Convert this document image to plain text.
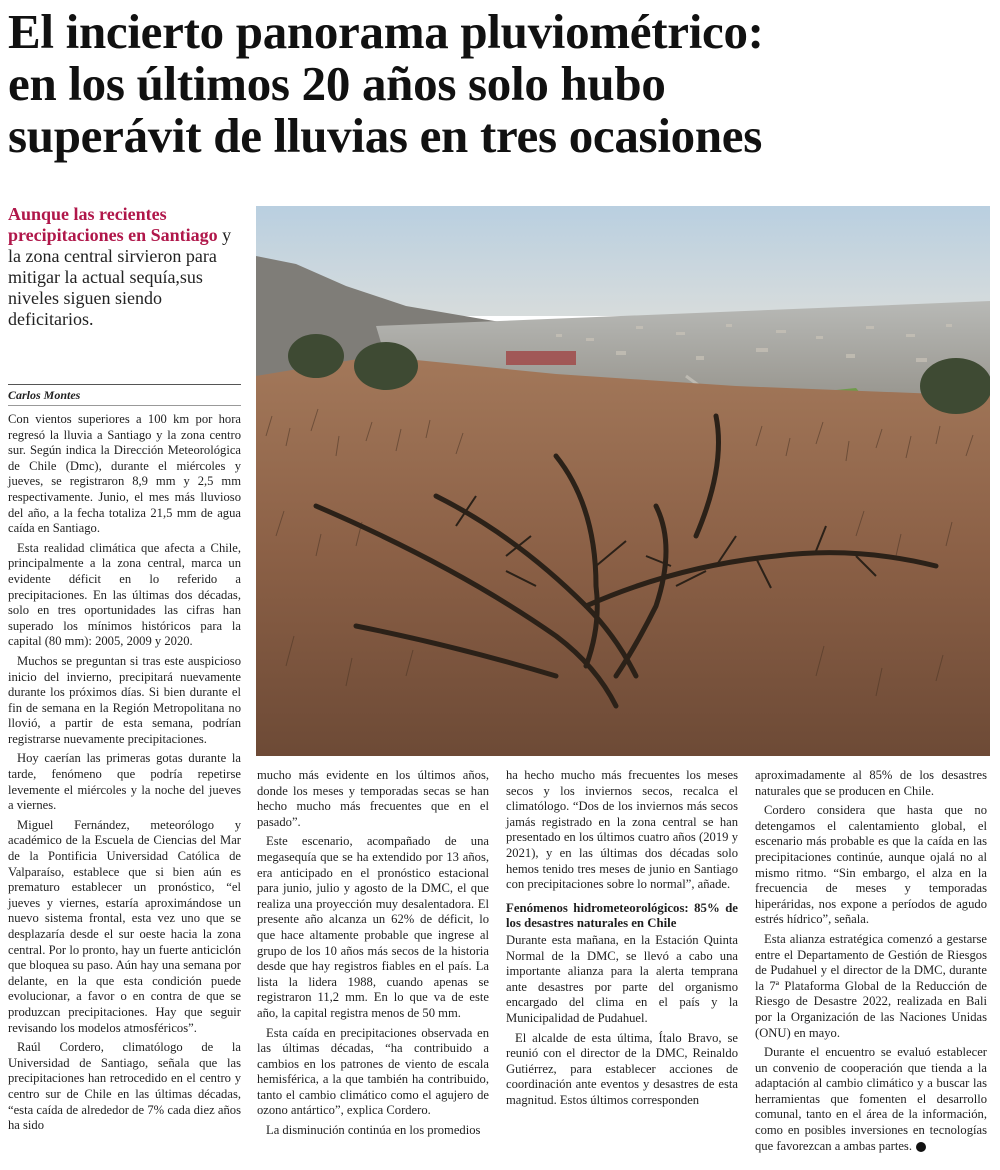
El incierto panorama pluviométrico:
en los últimos 20 años solo hubo
superávit de lluvias en tres ocasiones
Aunque las recientes precipitaciones en Santiago y la zona central sirvieron para mitigar la actual sequía,sus niveles siguen siendo deficitarios.
Carlos Montes

Con vientos superiores a 100 km por hora regresó la lluvia a Santiago y la zona centro sur. Según indica la Dirección Meteorológica de Chile (Dmc), durante el miércoles y jueves, se registraron 8,9 mm y 2,5 mm respectivamente. Junio, el mes más lluvioso del año, a la fecha totaliza 21,5 mm de agua caída en Santiago.

Esta realidad climática que afecta a Chile, principalmente a la zona central, marca un evidente déficit en lo referido a precipitaciones. En las últimas dos décadas, solo en tres oportunidades las cifras han superado los mínimos históricos para la capital (80 mm): 2005, 2009 y 2020.

Muchos se preguntan si tras este auspicioso inicio del invierno, precipitará nuevamente durante los próximos días. Si bien durante el fin de semana en la Región Metropolitana no llovió, a partir de esta semana, podrían registrarse nuevamente precipitaciones.

Hoy caerían las primeras gotas durante la tarde, fenómeno que podría repetirse levemente el miércoles y la noche del jueves a viernes.

Miguel Fernández, meteorólogo y académico de la Escuela de Ciencias del Mar de la Pontificia Universidad Católica de Valparaíso, establece que si bien aún es prematuro establecer un pronóstico, “el jueves y viernes, estaría aproximándose un nuevo sistema frontal, esta vez uno que se desplazaría desde el sur oeste hacia la zona central. Por lo pronto, hay un fuerte anticiclón que bloquea su paso. Aún hay una semana por delante, en la que esta condición puede evolucionar, a favor o en contra de que se produzcan precipitaciones. Hay que seguir revisando los modelos atmosféricos”.

Raúl Cordero, climatólogo de la Universidad de Santiago, señala que las precipitaciones han retrocedido en el centro y centro sur de Chile en las últimas décadas, “esta caída de alrededor de 7% cada diez años ha sido

mucho más evidente en los últimos años, donde los meses y temporadas secas se han hecho mucho más frecuentes que en el pasado”.

Este escenario, acompañado de una megasequía que se ha extendido por 13 años, era anticipado en el pronóstico estacional para junio, julio y agosto de la DMC, el que realiza una proyección muy desalentadora. El presente año alcanza un 62% de déficit, lo que hace altamente probable que ingrese al grupo de los 10 años más secos de la historia desde que hay registros fiables en el país. La lista la lidera 1988, cuando apenas se registraron 11,2 mm. En lo que va de este año, la capital registra menos de 50 mm.

Esta caída en precipitaciones observada en las últimas décadas, “ha contribuido a cambios en los patrones de viento de escala hemisférica, a la que también ha contribuido, tanto el cambio climático como el agujero de ozono antártico”, explica Cordero.

La disminución continúa en los promedios

ha hecho mucho más frecuentes los meses secos y los inviernos secos, recalca el climatólogo. “Dos de los inviernos más secos jamás registrado en la zona central se han presentado en los últimos cuatro años (2019 y 2021), y en las últimas dos décadas solo hemos tenido tres meses de junio en Santiago con precipitaciones sobre lo normal”, añade.

Fenómenos hidrometeorológicos: 85% de los desastres naturales en Chile

Durante esta mañana, en la Estación Quinta Normal de la DMC, se llevó a cabo una importante alianza para la alerta temprana ante desastres por parte del organismo encargado del clima en el país y la Municipalidad de Pudahuel.

El alcalde de esta última, Ítalo Bravo, se reunió con el director de la DMC, Reinaldo Gutiérrez, para establecer acciones de coordinación ante eventos y desastres de esta magnitud. Estos últimos corresponden

aproximadamente al 85% de los desastres naturales que se producen en Chile.

Cordero considera que hasta que no detengamos el calentamiento global, el escenario más probable es que la caída en las precipitaciones continúe, aunque ojalá no al mismo ritmo. “Sin embargo, el alza en la frecuencia de meses y temporadas hiperáridas, nos expone a períodos de agudo estrés hídrico”, señala.

Esta alianza estratégica comenzó a gestarse entre el Departamento de Gestión de Riesgos de Pudahuel y el director de la DMC, durante la 7ª Plataforma Global de la Reducción de Riesgo de Desastre 2022, realizada en Bali por la Organización de las Naciones Unidas (ONU) en mayo.

Durante el encuentro se evaluó establecer un convenio de cooperación que tienda a la adaptación al cambio climático y a buscar las herramientas que fomenten el desarrollo comunal, tanto en el área de la información, como en posibles inversiones en tecnologías que favorezcan a ambas partes.
